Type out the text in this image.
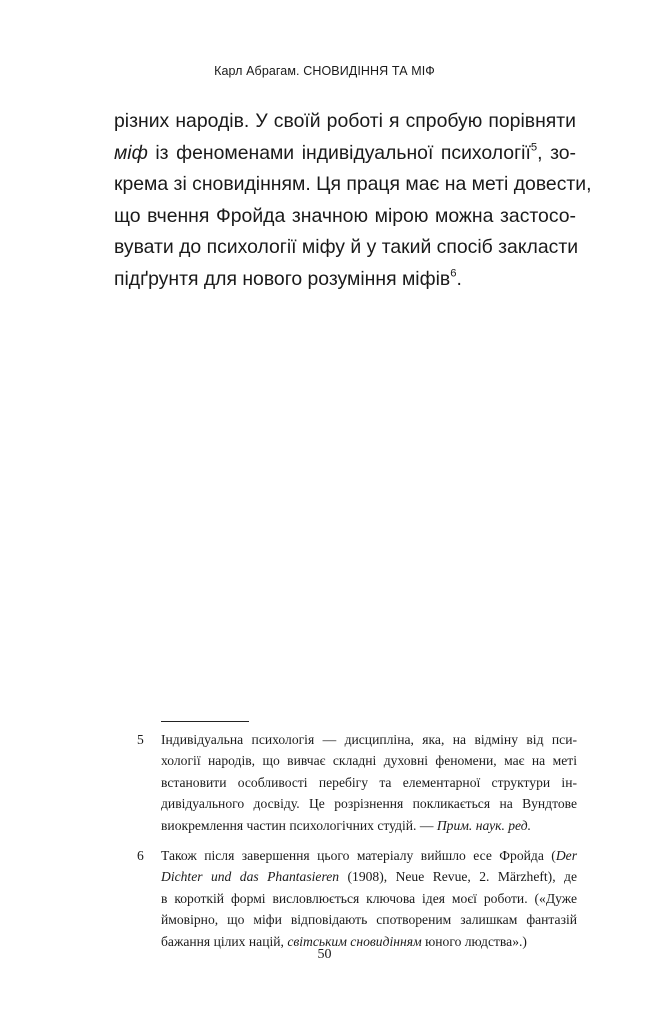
Карл Абрагам. СНОВИДІННЯ ТА МІФ

різних народів. У своїй роботі я спробую порівняти
міф із феноменами індивідуальної психології$^5$, зо-
крема зі сновидінням. Ця праця має на меті довести,
що вчення Фройда значною мірою можна застосо-
вувати до психології міфу й у такий спосіб закласти
підґрунтя для нового розуміння міфів$^6$.

5 Індивідуальна психологія — дисципліна, яка, на відміну від пси-
хології народів, що вивчає складні духовні феномени, має на меті
встановити особливості перебігу та елементарної структури ін-
дивідуального досвіду. Це розрізнення покликається на Вундтове
виокремлення частин психологічних студій. — Прим. наук. ред.
6 Також після завершення цього матеріалу вийшло есе Фройда (Der
Dichter und das Phantasieren (1908), Neue Revue, 2. Märzheft), де
в короткій формі висловлюється ключова ідея моєї роботи. («Дуже
ймовірно, що міфи відповідають спотвореним залишкам фантазій
бажання цілих націй, світським сновидінням юного людства».)
50
